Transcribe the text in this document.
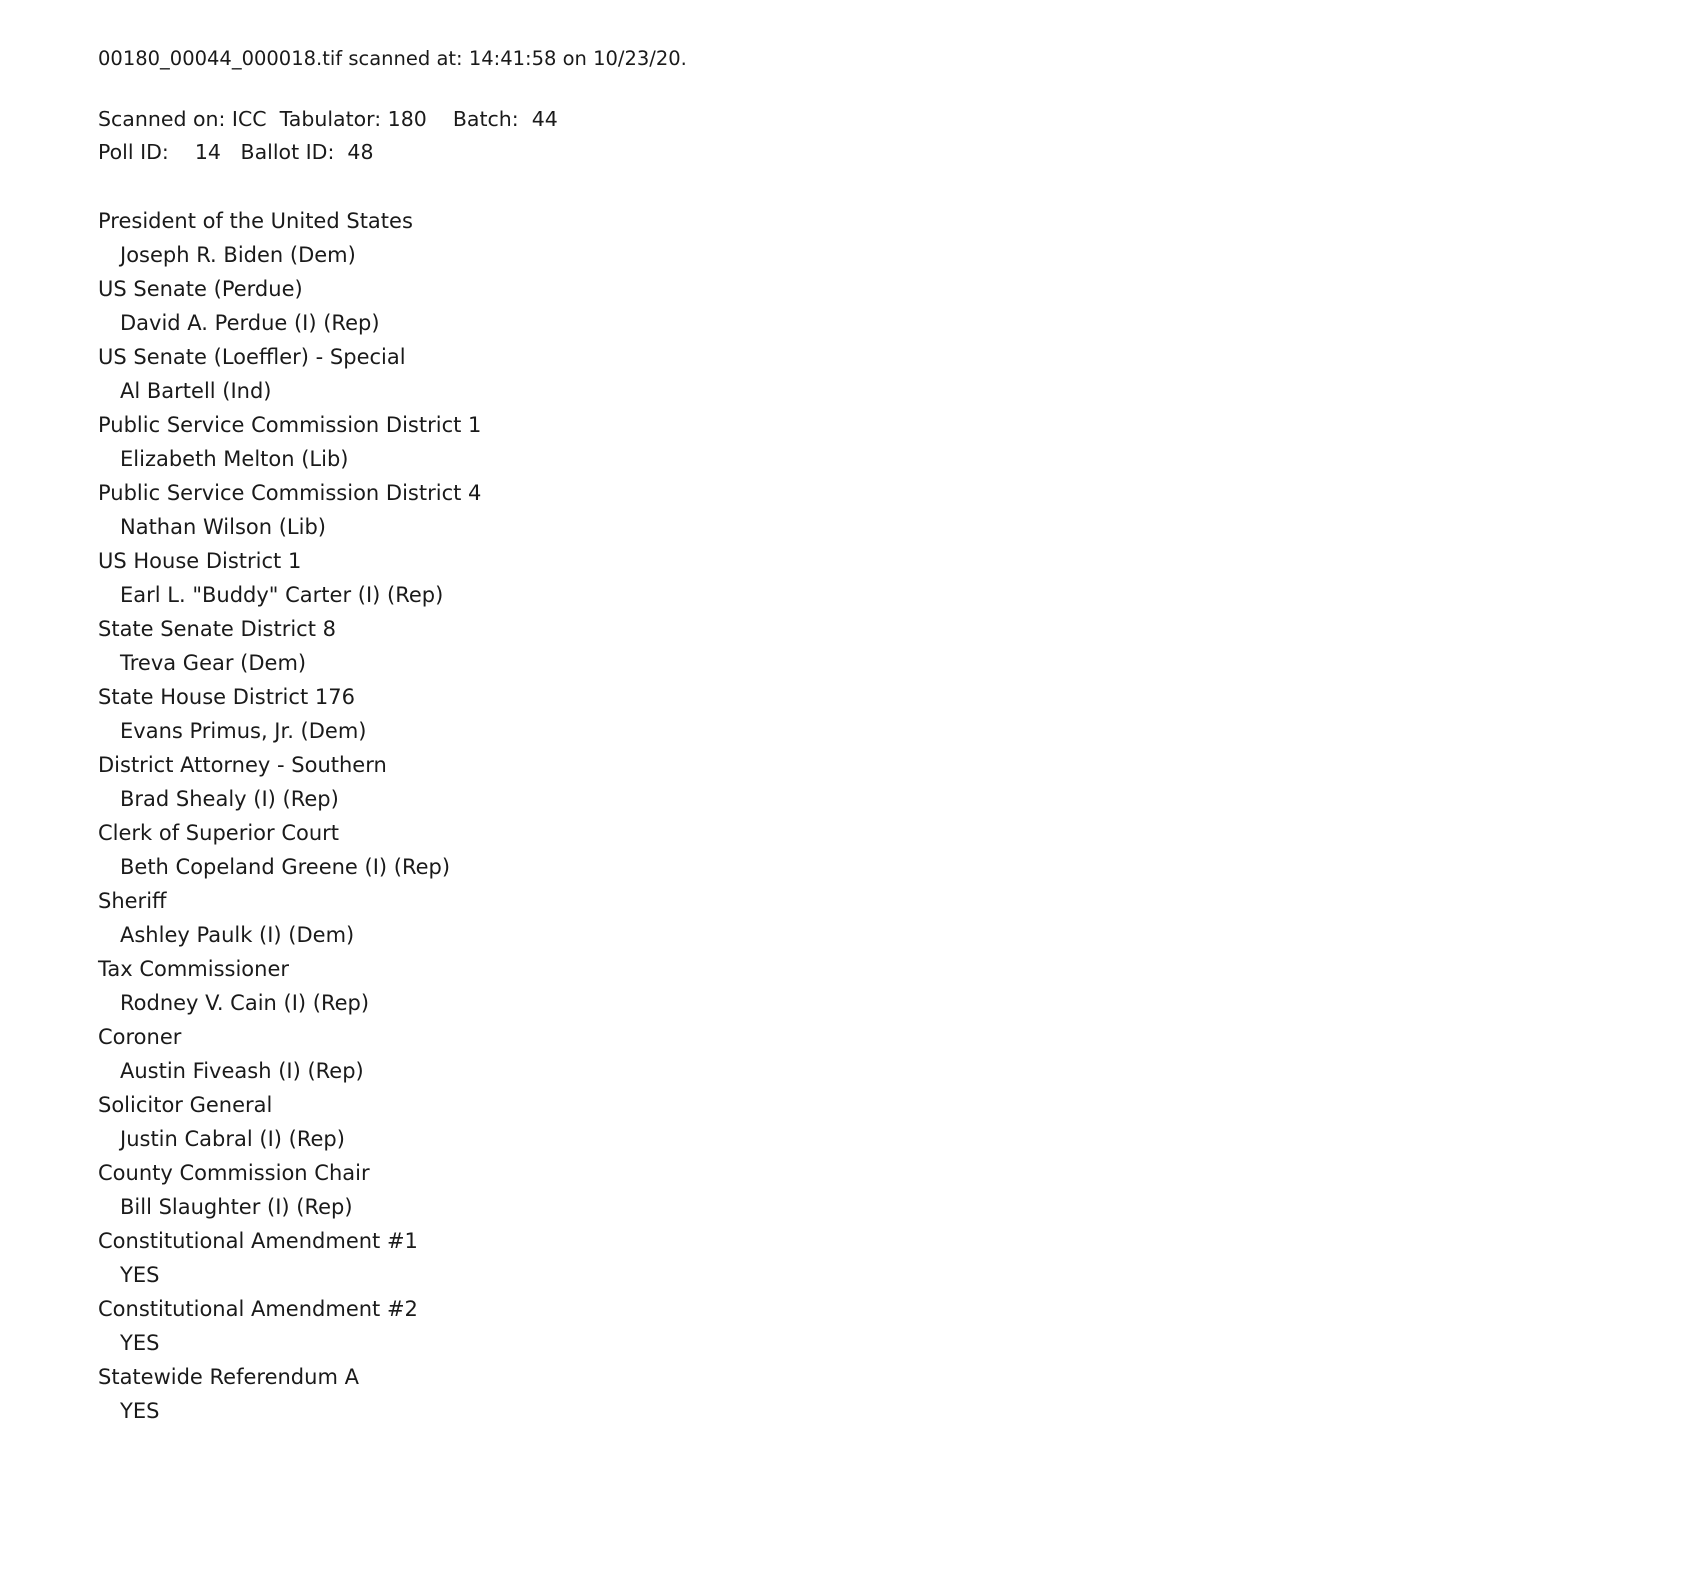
00180_00044_000018.tif scanned at: 14:41:58 on 10/23/20.
Scanned on: ICC  Tabulator: 180    Batch:  44
Poll ID:    14   Ballot ID:  48
President of the United States
Joseph R. Biden (Dem)
US Senate (Perdue)
David A. Perdue (I) (Rep)
US Senate (Loeffler) - Special
Al Bartell (Ind)
Public Service Commission District 1
Elizabeth Melton (Lib)
Public Service Commission District 4
Nathan Wilson (Lib)
US House District 1
Earl L. "Buddy" Carter (I) (Rep)
State Senate District 8
Treva Gear (Dem)
State House District 176
Evans Primus, Jr. (Dem)
District Attorney - Southern
Brad Shealy (I) (Rep)
Clerk of Superior Court
Beth Copeland Greene (I) (Rep)
Sheriff
Ashley Paulk (I) (Dem)
Tax Commissioner
Rodney V. Cain (I) (Rep)
Coroner
Austin Fiveash (I) (Rep)
Solicitor General
Justin Cabral (I) (Rep)
County Commission Chair
Bill Slaughter (I) (Rep)
Constitutional Amendment #1
YES
Constitutional Amendment #2
YES
Statewide Referendum A
YES
